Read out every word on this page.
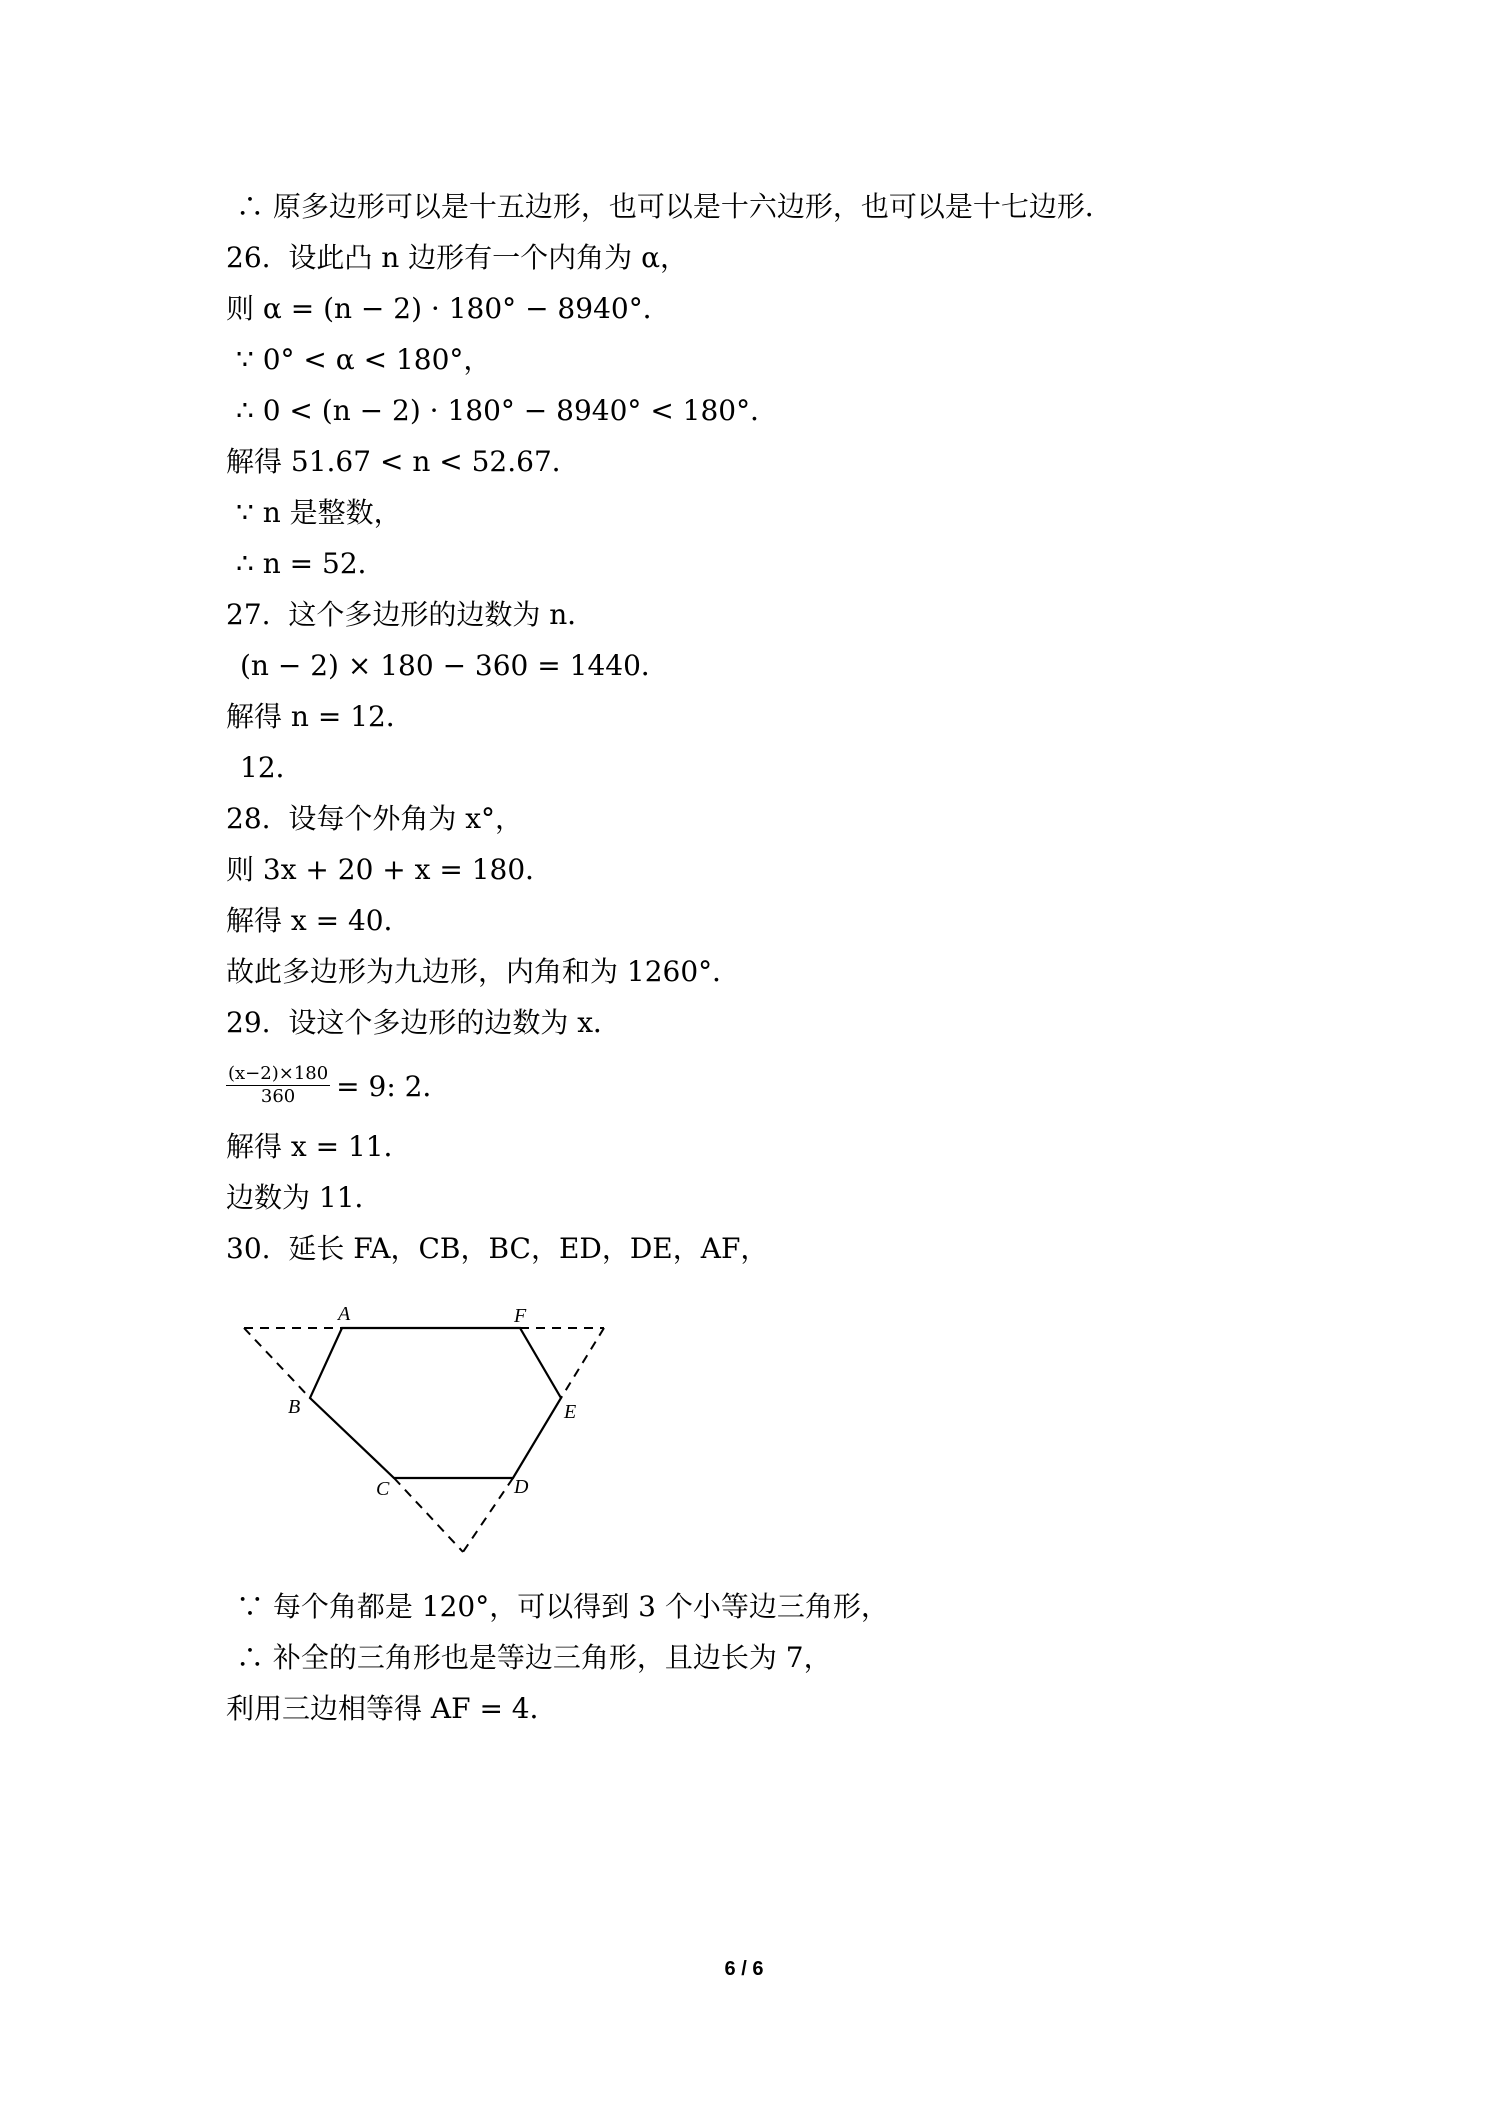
∴ 原多边形可以是十五边形，也可以是十六边形，也可以是十七边形．
26.  设此凸 n 边形有一个内角为 α，
则 α = (n − 2) · 180° − 8940°．
∵ 0° < α < 180°，
∴ 0 < (n − 2) · 180° − 8940° < 180°．
解得 51.67 < n < 52.67．
∵ n 是整数，
∴ n = 52．
27.  这个多边形的边数为 n．
(n − 2) × 180 − 360 = 1440．
解得 n = 12．
12．
28.  设每个外角为 x°，
则 3x + 20 + x = 180．
解得 x = 40．
故此多边形为九边形，内角和为 1260°．
29.  设这个多边形的边数为 x．
$\frac{(x-2)\times 180}{360} = 9$: 2．
解得 x = 11．
边数为 11．
30.  延长 FA，CB，BC，ED，DE，AF，
A	F
B	E
C	D
∵ 每个角都是 120°，可以得到 3 个小等边三角形，
∴ 补全的三角形也是等边三角形，且边长为 7，
利用三边相等得 AF = 4．
6 / 6
